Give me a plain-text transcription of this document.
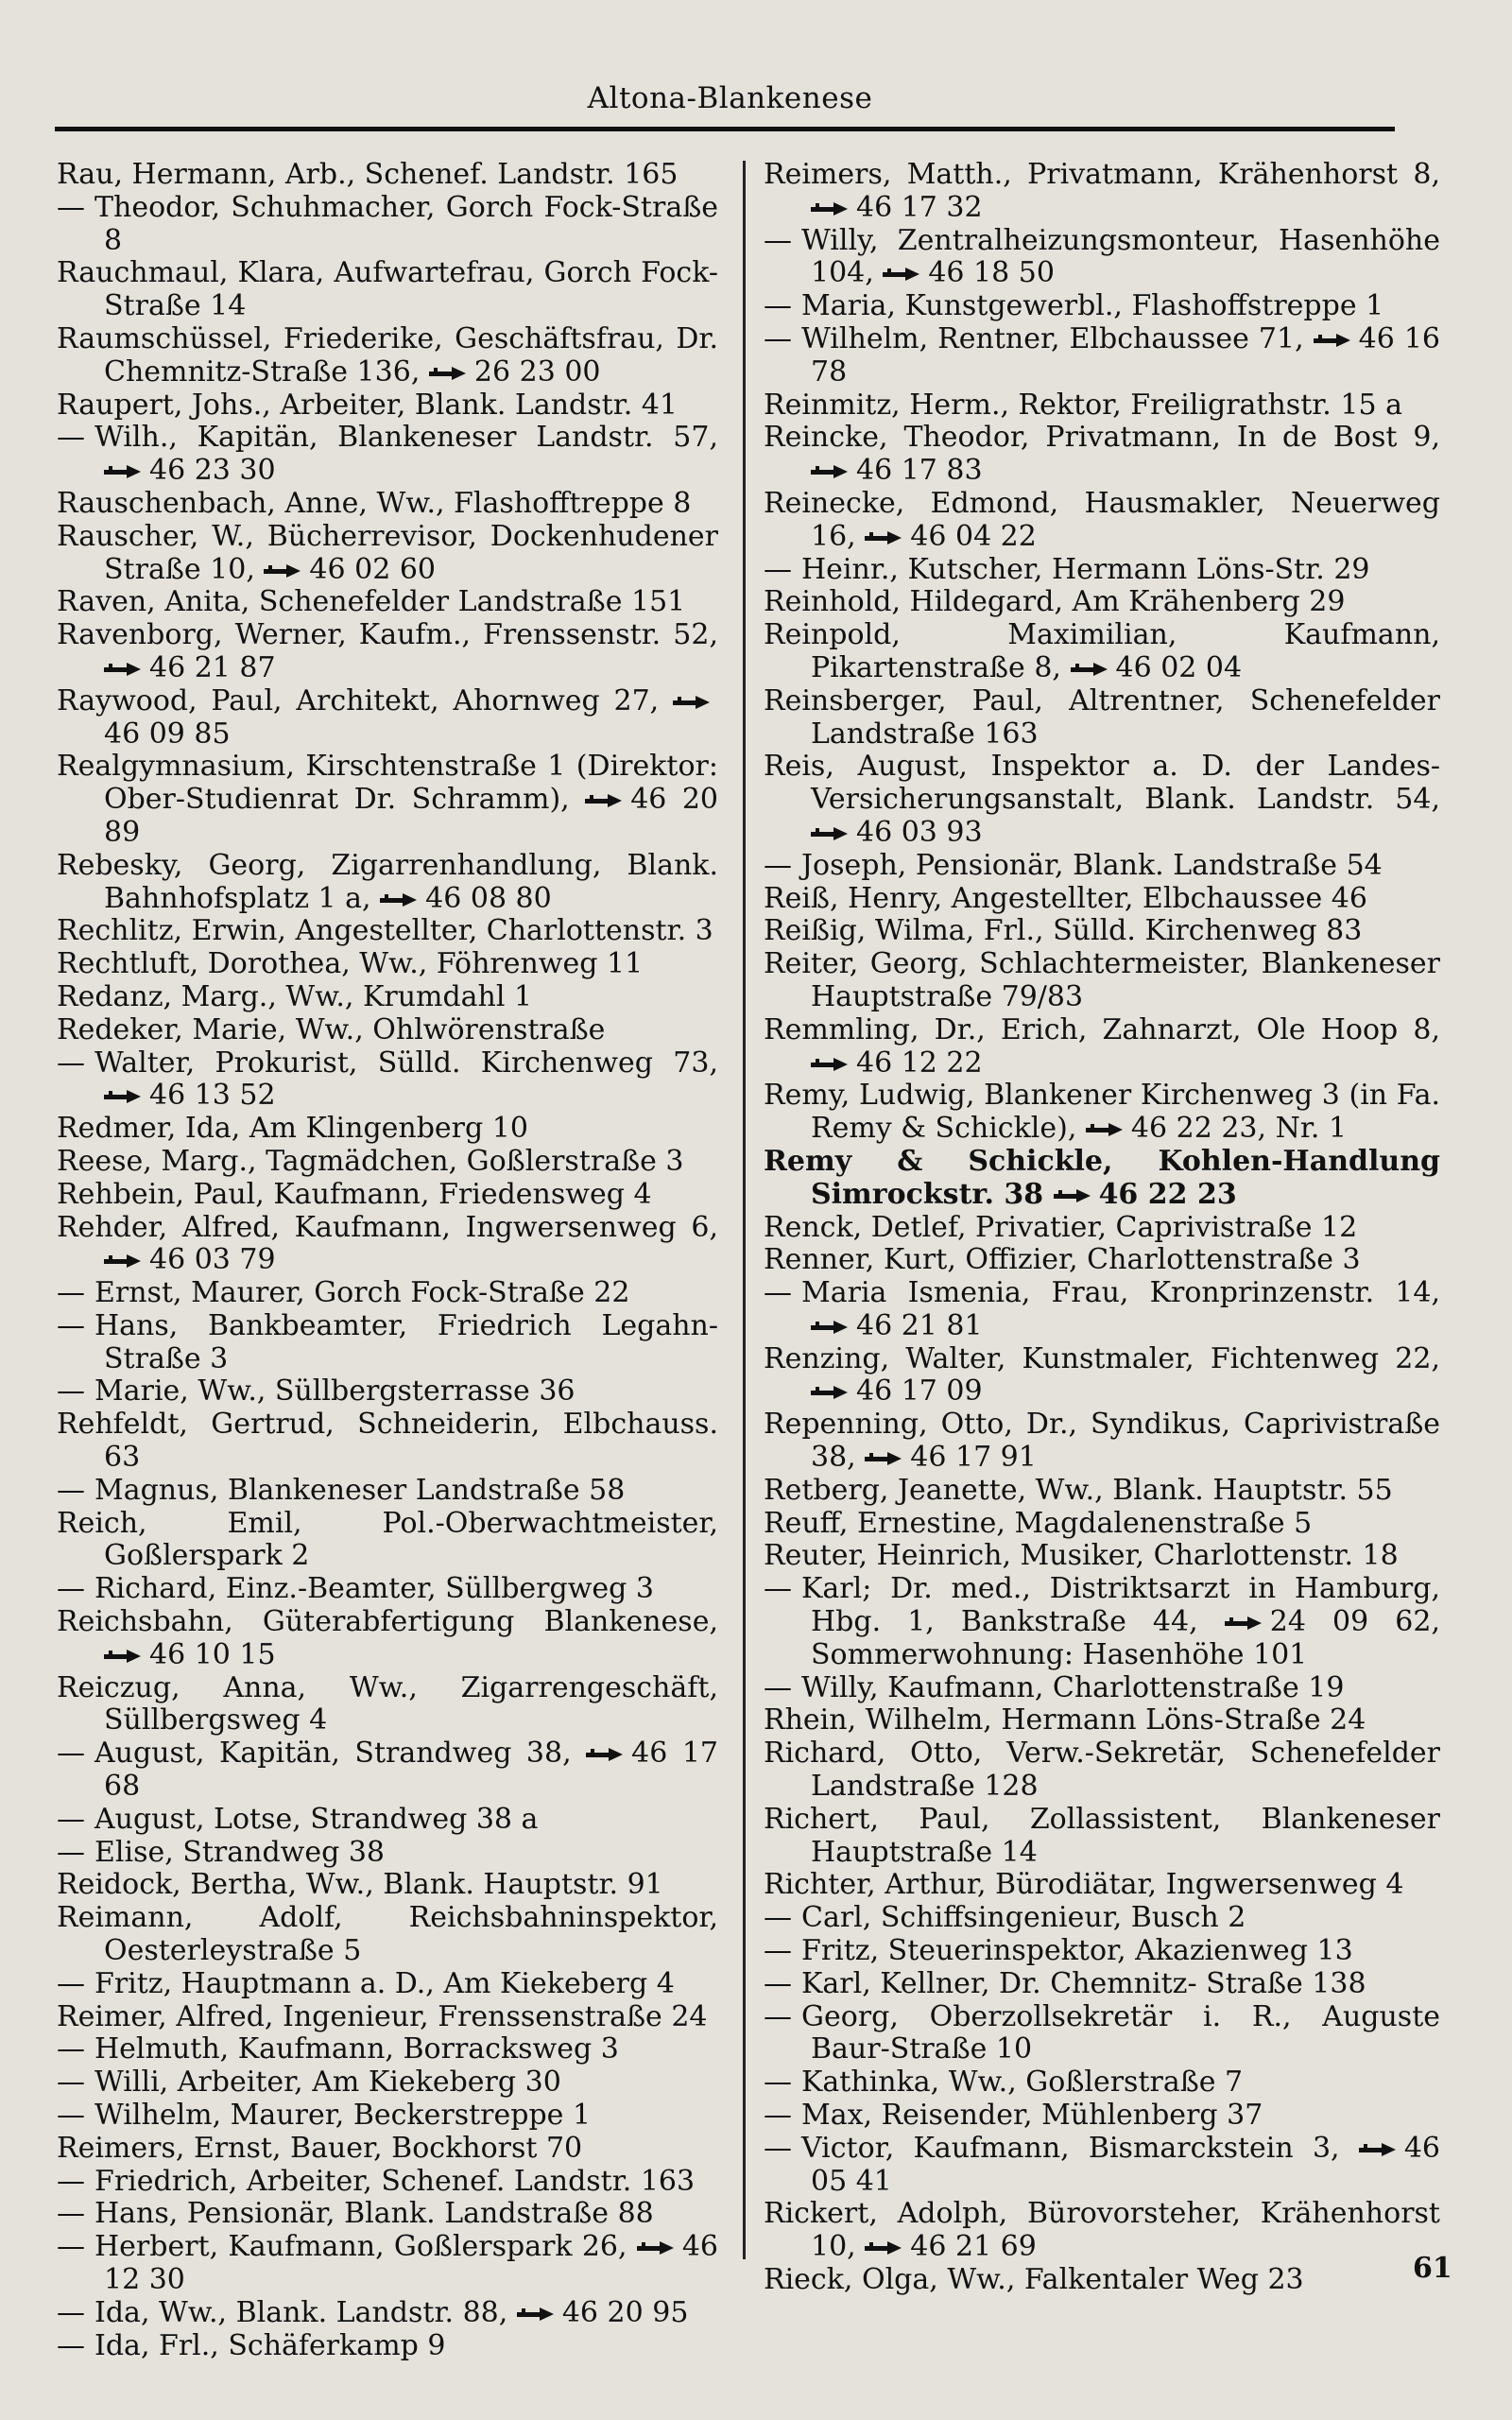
Altona-Blankenese

Rau, Hermann, Arb., Schenef. Landstr. 165

— Theodor, Schuhmacher, Gorch Fock-Straße 8

Rauchmaul, Klara, Aufwartefrau, Gorch Fock-Straße 14

Raumschüssel, Friederike, Geschäftsfrau, Dr. Chemnitz-Straße 136, 26 23 00

Raupert, Johs., Arbeiter, Blank. Landstr. 41

— Wilh., Kapitän, Blankeneser Landstr. 57,
46 23 30

Rauschenbach, Anne, Ww., Flashofftreppe 8

Rauscher, W., Bücherrevisor, Dockenhudener Straße 10, 46 02 60

Raven, Anita, Schenefelder Landstraße 151

Ravenborg, Werner, Kaufm., Frenssenstr. 52,
46 21 87

Raywood, Paul, Architekt, Ahornweg 27,
46 09 85

Realgymnasium, Kirschtenstraße 1 (Direktor: Ober-Studienrat Dr. Schramm), 46 20 89

Rebesky, Georg, Zigarrenhandlung, Blank. Bahnhofsplatz 1 a, 46 08 80

Rechlitz, Erwin, Angestellter, Charlottenstr. 3

Rechtluft, Dorothea, Ww., Föhrenweg 11

Redanz, Marg., Ww., Krumdahl 1

Redeker, Marie, Ww., Ohlwörenstraße

— Walter, Prokurist, Sülld. Kirchenweg 73,
46 13 52

Redmer, Ida, Am Klingenberg 10

Reese, Marg., Tagmädchen, Goßlerstraße 3

Rehbein, Paul, Kaufmann, Friedensweg 4

Rehder, Alfred, Kaufmann, Ingwersenweg 6,
46 03 79

— Ernst, Maurer, Gorch Fock-Straße 22

— Hans, Bankbeamter, Friedrich Legahn-Straße 3

— Marie, Ww., Süllbergsterrasse 36

Rehfeldt, Gertrud, Schneiderin, Elbchauss. 63

— Magnus, Blankeneser Landstraße 58

Reich, Emil, Pol.-Oberwachtmeister, Goßlerspark 2

— Richard, Einz.-Beamter, Süllbergweg 3

Reichsbahn, Güterabfertigung Blankenese,
46 10 15

Reiczug, Anna, Ww., Zigarrengeschäft, Süllbergsweg 4

— August, Kapitän, Strandweg 38, 46 17 68

— August, Lotse, Strandweg 38 a

— Elise, Strandweg 38

Reidock, Bertha, Ww., Blank. Hauptstr. 91

Reimann, Adolf, Reichsbahninspektor, Oesterleystraße 5

— Fritz, Hauptmann a. D., Am Kiekeberg 4

Reimer, Alfred, Ingenieur, Frenssenstraße 24

— Helmuth, Kaufmann, Borracksweg 3

— Willi, Arbeiter, Am Kiekeberg 30

— Wilhelm, Maurer, Beckerstreppe 1

Reimers, Ernst, Bauer, Bockhorst 70

— Friedrich, Arbeiter, Schenef. Landstr. 163

— Hans, Pensionär, Blank. Landstraße 88

— Herbert, Kaufmann, Goßlerspark 26, 46 12 30

— Ida, Ww., Blank. Landstr. 88, 46 20 95

— Ida, Frl., Schäferkamp 9

Reimers, Matth., Privatmann, Krähenhorst 8,
46 17 32

— Willy, Zentralheizungsmonteur, Hasenhöhe 104, 46 18 50

— Maria, Kunstgewerbl., Flashoffstreppe 1

— Wilhelm, Rentner, Elbchaussee 71, 46 16 78

Reinmitz, Herm., Rektor, Freiligrathstr. 15 a

Reincke, Theodor, Privatmann, In de Bost 9,
46 17 83

Reinecke, Edmond, Hausmakler, Neuerweg 16, 46 04 22

— Heinr., Kutscher, Hermann Löns-Str. 29

Reinhold, Hildegard, Am Krähenberg 29

Reinpold, Maximilian, Kaufmann, Pikartenstraße 8, 46 02 04

Reinsberger, Paul, Altrentner, Schenefelder Landstraße 163

Reis, August, Inspektor a. D. der Landes-Versicherungsanstalt, Blank. Landstr. 54,
46 03 93

— Joseph, Pensionär, Blank. Landstraße 54

Reiß, Henry, Angestellter, Elbchaussee 46

Reißig, Wilma, Frl., Sülld. Kirchenweg 83

Reiter, Georg, Schlachtermeister, Blankeneser Hauptstraße 79/83

Remmling, Dr., Erich, Zahnarzt, Ole Hoop 8,
46 12 22

Remy, Ludwig, Blankener Kirchenweg 3 (in Fa. Remy & Schickle), 46 22 23, Nr. 1

Remy & Schickle, Kohlen-Handlung Simrockstr. 38 46 22 23

Renck, Detlef, Privatier, Caprivistraße 12

Renner, Kurt, Offizier, Charlottenstraße 3

— Maria Ismenia, Frau, Kronprinzenstr. 14,
46 21 81

Renzing, Walter, Kunstmaler, Fichtenweg 22,
46 17 09

Repenning, Otto, Dr., Syndikus, Caprivistraße 38, 46 17 91

Retberg, Jeanette, Ww., Blank. Hauptstr. 55

Reuff, Ernestine, Magdalenenstraße 5

Reuter, Heinrich, Musiker, Charlottenstr. 18

— Karl; Dr. med., Distriktsarzt in Hamburg, Hbg. 1, Bankstraße 44,	24 09 62, Sommerwohnung: Hasenhöhe 101

— Willy, Kaufmann, Charlottenstraße 19

Rhein, Wilhelm, Hermann Löns-Straße 24

Richard, Otto, Verw.-Sekretär, Schenefelder Landstraße 128

Richert, Paul, Zollassistent, Blankeneser Hauptstraße 14

Richter, Arthur, Bürodiätar, Ingwersenweg 4

— Carl, Schiffsingenieur, Busch 2

— Fritz, Steuerinspektor, Akazienweg 13

— Karl, Kellner, Dr. Chemnitz- Straße 138

— Georg, Oberzollsekretär i. R., Auguste Baur-Straße 10

— Kathinka, Ww., Goßlerstraße 7

— Max, Reisender, Mühlenberg 37

— Victor, Kaufmann, Bismarckstein 3, 46 05 41

Rickert, Adolph, Bürovorsteher, Krähenhorst 10, 46 21 69

Rieck, Olga, Ww., Falkentaler Weg 23	61
